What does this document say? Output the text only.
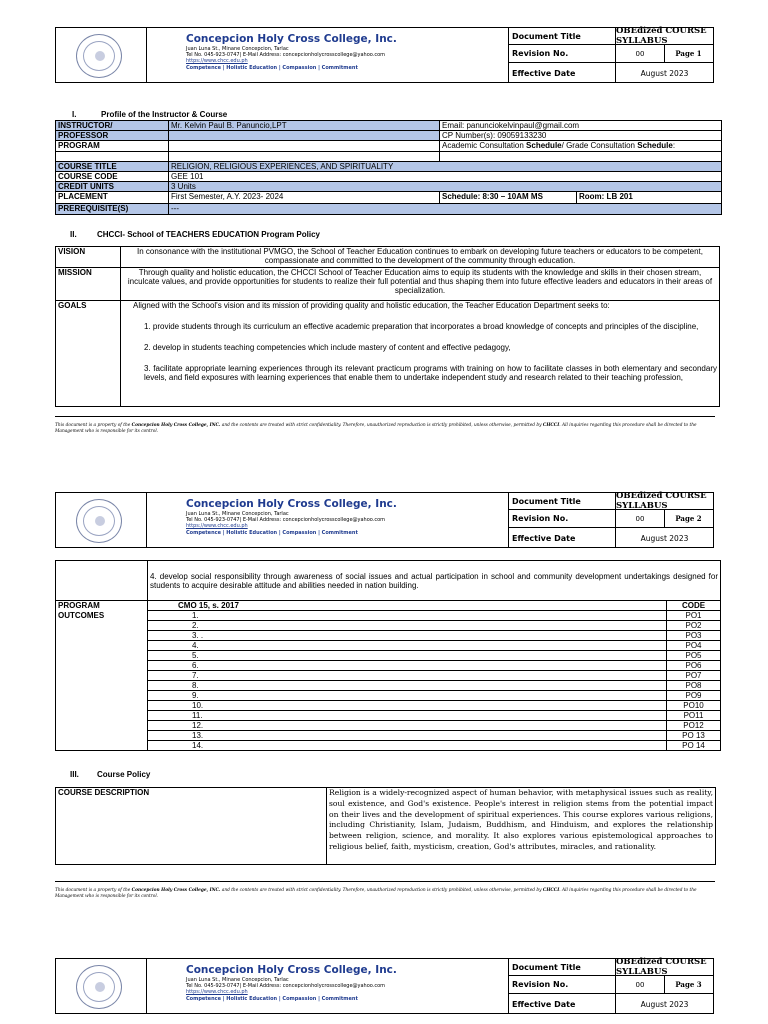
Concepcion Holy Cross College, Inc.
Juan Luna St., Minane Concepcion, Tarlac
Tel No. 045-923-0747| E-Mail Address: concepcionholycrosscollege@yahoo.com
https://www.chcc.edu.ph
Competence | Holistic Education | Compassion | Commitment
Document Title	OBEdized COURSE SYLLABUS
Revision No.	00	Page 1
Effective Date	August 2023
I.	Profile of the Instructor & Course
INSTRUCTOR/	Mr. Kelvin Paul B. Panuncio,LPT	Email: panunciokelvinpaul@gmail.com	
PROFESSOR		CP Number(s): 09059133230	
PROGRAM		Academic Consultation Schedule/ Grade Consultation Schedule:	

COURSE TITLE	RELIGION, RELIGIOUS EXPERIENCES, AND SPIRITUALITY		
COURSE CODE	GEE 101		
CREDIT UNITS	3 Units		
PLACEMENT	First Semester, A.Y. 2023- 2024	Schedule: 8:30 – 10AM MS	Room: LB 201
PREREQUISITE(S)	---		
II.	CHCCI- School of TEACHERS EDUCATION Program Policy
VISION	In consonance with the institutional PVMGO, the School of Teacher Education continues to embark on developing future teachers or educators to be competent, compassionate and committed to the development of the community through education.
MISSION	Through quality and holistic education, the CHCCI School of Teacher Education aims to equip its students with the knowledge and skills in their chosen stream, inculcate values, and provide opportunities for students to realize their full potential and thus shaping them into future effective leaders and educators in their areas of specialization.
GOALS	Aligned with the School's vision and its mission of providing quality and holistic education, the Teacher Education Department seeks to:
1. provide students through its curriculum an effective academic preparation that incorporates a broad knowledge of concepts and principles of the discipline,
2. develop in students teaching competencies which include mastery of content and effective pedagogy,
3. facilitate appropriate learning experiences through its relevant practicum programs with training on how to facilitate classes in both elementary and secondary levels, and field exposures with learning experiences that enable them to undertake independent study and research related to their teaching profession,
This document is a property of the Concepcion Holy Cross College, INC. and the contents are treated with strict confidentiality. Therefore, unauthorized reproduction is strictly prohibited, unless otherwise, permitted by CHCCI. All inquiries regarding this procedure shall be directed to the Management who is responsible for its control.
Concepcion Holy Cross College, Inc.
Juan Luna St., Minane Concepcion, Tarlac
Tel No. 045-923-0747| E-Mail Address: concepcionholycrosscollege@yahoo.com
https://www.chcc.edu.ph
Competence | Holistic Education | Compassion | Commitment
Document Title	OBEdized COURSE SYLLABUS
Revision No.	00	Page 2
Effective Date	August 2023
	4. develop social responsibility through awareness of social issues and actual participation in school and community development undertakings designed for students to acquire desirable attitude and abilities needed in nation building.
PROGRAM	CMO 15, s. 2017	CODE
OUTCOMES	1.	PO1
	2.	PO2
	3. .	PO3
	4.	PO4
	5.	PO5
	6.	PO6
	7.	PO7
	8.	PO8
	9.	PO9
	10.	PO10
	11.	PO11
	12.	PO12
	13.	PO 13
	14.	PO 14
III. Course Policy
COURSE DESCRIPTION	Religion is a widely-recognized aspect of human behavior, with metaphysical issues such as reality, soul existence, and God's existence. People's interest in religion stems from the potential impact on their lives and the development of spiritual experiences. This course explores various religions, including Christianity, Islam, Judaism, Buddhism, and Hinduism, and explores the relationship between religion, science, and morality. It also explores various epistemological approaches to religious belief, faith, mysticism, creation, God's attributes, miracles, and rationality.
This document is a property of the Concepcion Holy Cross College, INC. and the contents are treated with strict confidentiality. Therefore, unauthorized reproduction is strictly prohibited, unless otherwise, permitted by CHCCI. All inquiries regarding this procedure shall be directed to the Management who is responsible for its control.
Concepcion Holy Cross College, Inc.
Juan Luna St., Minane Concepcion, Tarlac
Tel No. 045-923-0747| E-Mail Address: concepcionholycrosscollege@yahoo.com
https://www.chcc.edu.ph
Competence | Holistic Education | Compassion | Commitment
Document Title	OBEdized COURSE SYLLABUS
Revision No.	00	Page 3
Effective Date	August 2023
